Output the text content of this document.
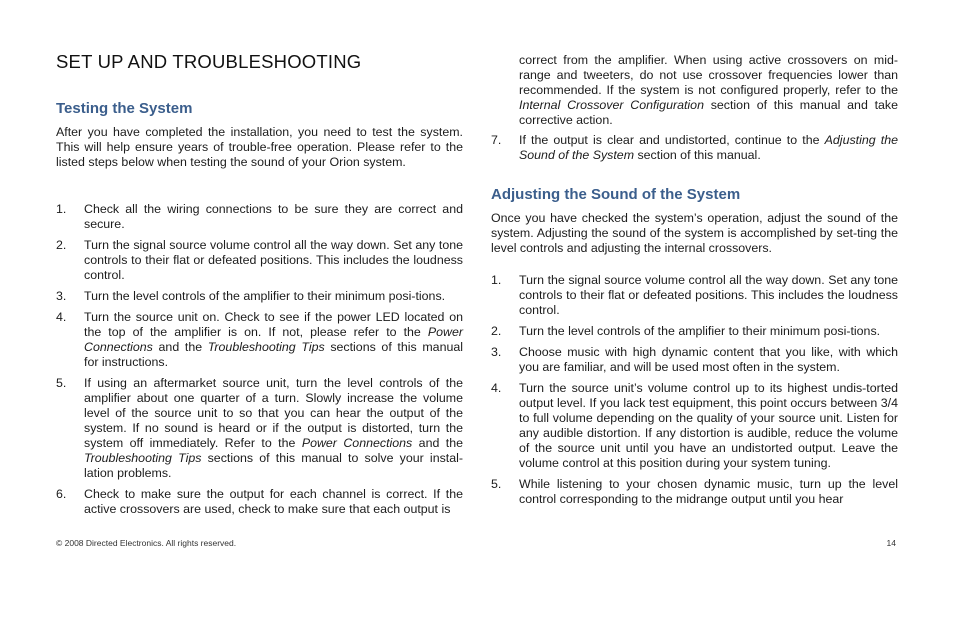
SET UP AND TROUBLESHOOTING
Testing the System
After you have completed the installation, you need to test the system. This will help ensure years of trouble-free operation. Please refer to the listed steps below when testing the sound of your Orion system.
1. Check all the wiring connections to be sure they are correct and secure.
2. Turn the signal source volume control all the way down. Set any tone controls to their flat or defeated positions. This includes the loudness control.
3. Turn the level controls of the amplifier to their minimum posi-tions.
4. Turn the source unit on. Check to see if the power LED located on the top of the amplifier is on. If not, please refer to the Power Connections and the Troubleshooting Tips sections of this manual for instructions.
5. If using an aftermarket source unit, turn the level controls of the amplifier about one quarter of a turn. Slowly increase the volume level of the source unit to so that you can hear the output of the system. If no sound is heard or if the output is distorted, turn the system off immediately. Refer to the Power Connections and the Troubleshooting Tips sections of this manual to solve your instal-lation problems.
6. Check to make sure the output for each channel is correct. If the active crossovers are used, check to make sure that each output is
correct from the amplifier. When using active crossovers on mid-range and tweeters, do not use crossover frequencies lower than recommended. If the system is not configured properly, refer to the Internal Crossover Configuration section of this manual and take corrective action.
7. If the output is clear and undistorted, continue to the Adjusting the Sound of the System section of this manual.
Adjusting the Sound of the System
Once you have checked the system’s operation, adjust the sound of the system. Adjusting the sound of the system is accomplished by set-ting the level controls and adjusting the internal crossovers.
1. Turn the signal source volume control all the way down. Set any tone controls to their flat or defeated positions. This includes the loudness control.
2. Turn the level controls of the amplifier to their minimum posi-tions.
3. Choose music with high dynamic content that you like, with which you are familiar, and will be used most often in the system.
4. Turn the source unit’s volume control up to its highest undis-torted output level. If you lack test equipment, this point occurs between 3/4 to full volume depending on the quality of your source unit. Listen for any audible distortion. If any distortion is audible, reduce the volume of the source unit until you have an undistorted output. Leave the volume control at this position during your system tuning.
5. While listening to your chosen dynamic music, turn up the level control corresponding to the midrange output until you hear
© 2008 Directed Electronics. All rights reserved.	14
